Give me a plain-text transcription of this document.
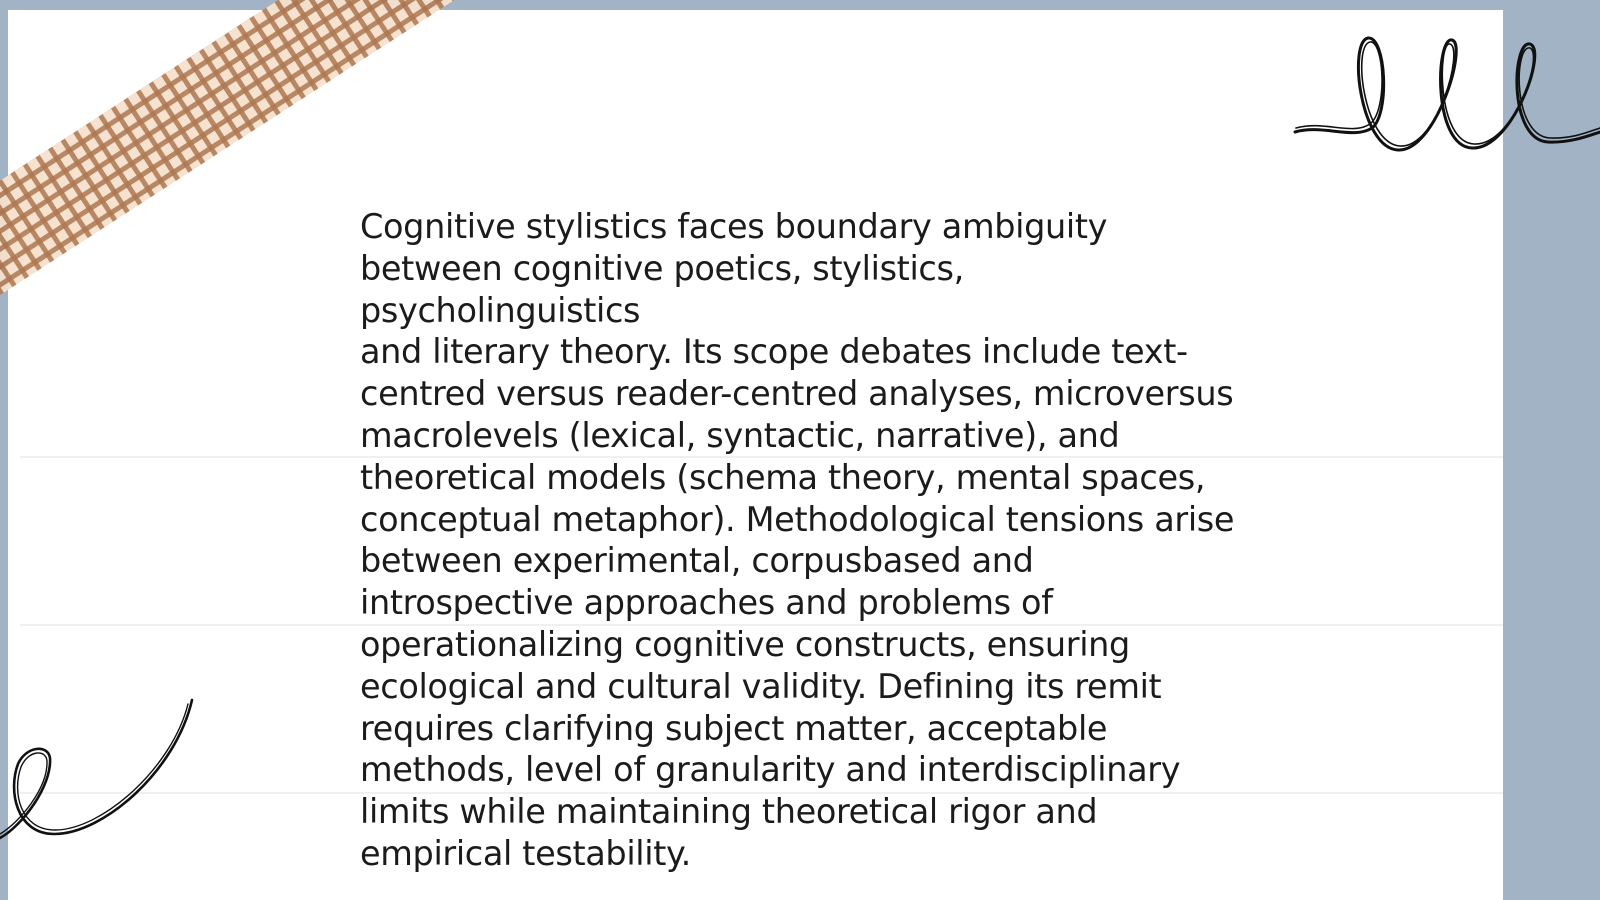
Cognitive stylistics faces boundary ambiguity
between cognitive poetics, stylistics, psycholinguistics
and literary theory. Its scope debates include text-
centred versus reader-centred analyses, microversus
macrolevels (lexical, syntactic, narrative), and
theoretical models (schema theory, mental spaces,
conceptual metaphor). Methodological tensions arise
between experimental, corpusbased and
introspective approaches and problems of
operationalizing cognitive constructs, ensuring
ecological and cultural validity. Defining its remit
requires clarifying subject matter, acceptable
methods, level of granularity and interdisciplinary
limits while maintaining theoretical rigor and
empirical testability.
